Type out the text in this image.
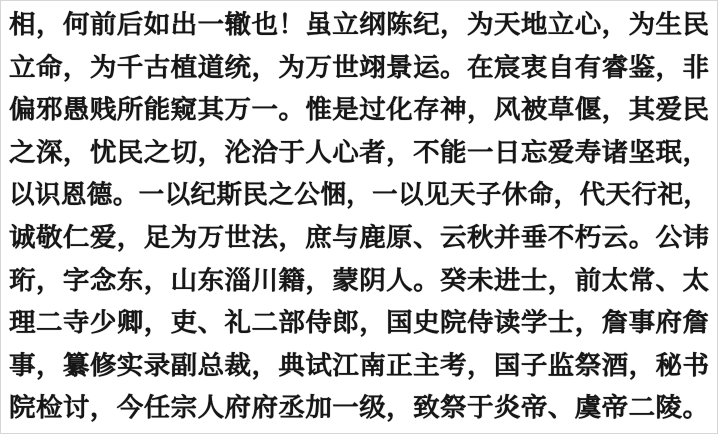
相，何前后如出一辙也！虽立纲陈纪，为天地立心，为生民
立命，为千古植道统，为万世翊景运。在宸衷自有睿鉴，非
偏邪愚贱所能窥其万一。惟是过化存神，风被草偃，其爱民
之深，忧民之切，沦洽于人心者，不能一日忘爱寿诸坚珉，
以识恩德。一以纪斯民之公悃，一以见天子休命，代天行祀，
诚敬仁爱，足为万世法，庶与鹿原、云秋并垂不朽云。公讳
珩，字念东，山东淄川籍，蒙阴人。癸未进士，前太常、太
理二寺少卿，吏、礼二部侍郎，国史院侍读学士，詹事府詹
事，纂修实录副总裁，典试江南正主考，国子监祭酒，秘书
院检讨，今任宗人府府丞加一级，致祭于炎帝、虞帝二陵。
